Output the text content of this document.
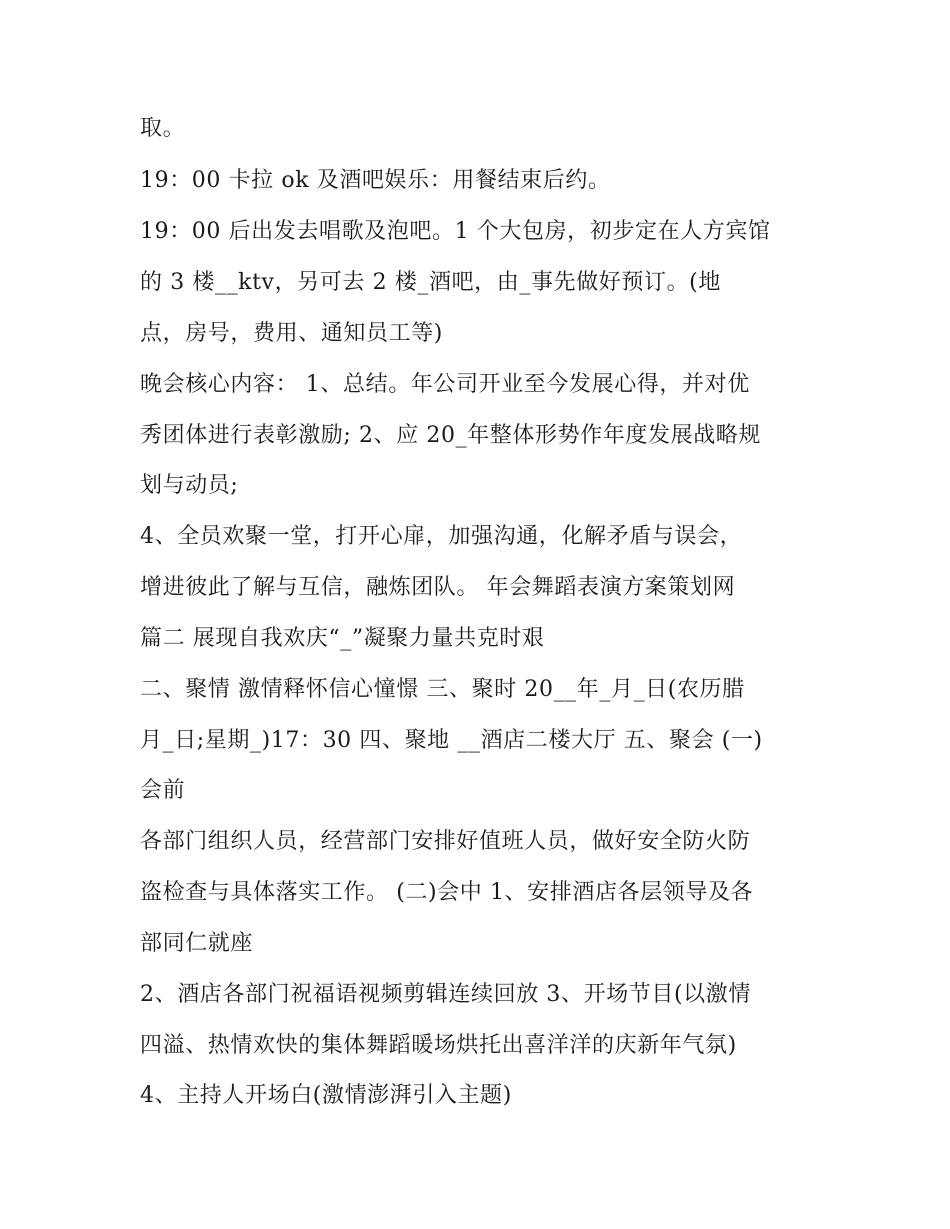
取。
19：00 卡拉 ok 及酒吧娱乐：用餐结束后约。
19：00 后出发去唱歌及泡吧。1 个大包房，初步定在人方宾馆
的 3 楼__ktv，另可去 2 楼_酒吧，由_事先做好预订。(地
点，房号，费用、通知员工等)
晚会核心内容： 1、总结。年公司开业至今发展心得，并对优
秀团体进行表彰激励; 2、应 20_年整体形势作年度发展战略规
划与动员;
4、全员欢聚一堂，打开心扉，加强沟通，化解矛盾与误会，
增进彼此了解与互信，融炼团队。 年会舞蹈表演方案策划网
篇二 展现自我欢庆“_”凝聚力量共克时艰
二、聚情 激情释怀信心憧憬 三、聚时 20__年_月_日(农历腊
月_日;星期_)17：30 四、聚地 __酒店二楼大厅 五、聚会 (一)
会前
各部门组织人员，经营部门安排好值班人员，做好安全防火防
盗检查与具体落实工作。 (二)会中 1、安排酒店各层领导及各
部同仁就座
2、酒店各部门祝福语视频剪辑连续回放 3、开场节目(以激情
四溢、热情欢快的集体舞蹈暖场烘托出喜洋洋的庆新年气氛)
4、主持人开场白(激情澎湃引入主题)
